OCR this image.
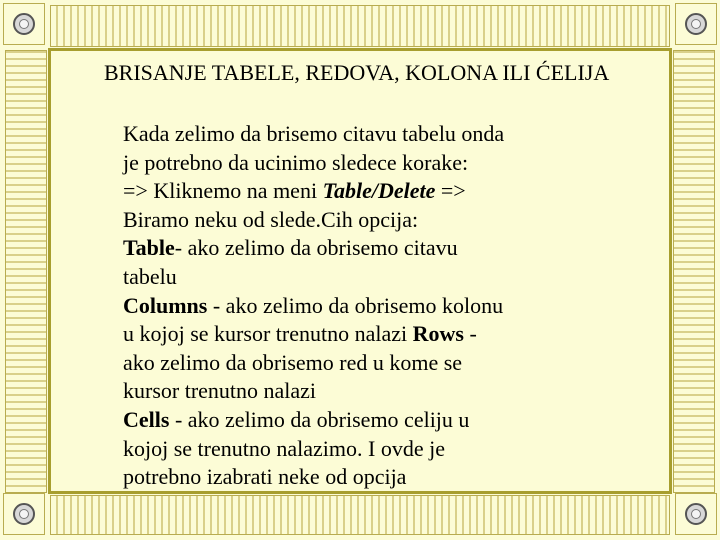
BRISANJE TABELE, REDOVA, KOLONA ILI ĆELIJA
Kada zelimo da brisemo citavu tabelu onda
je potrebno da ucinimo sledece korake:
=> Kliknemo na meni Table/Delete =>
Biramo neku od slede.Cih opcija:
Table- ako zelimo da obrisemo citavu
tabelu
Columns - ako zelimo da obrisemo kolonu
u kojoj se kursor trenutno nalazi Rows -
ako zelimo da obrisemo red u kome se
kursor trenutno nalazi
Cells - ako zelimo da obrisemo celiju u
kojoj se trenutno nalazimo. I ovde je
potrebno izabrati neke od opcija
